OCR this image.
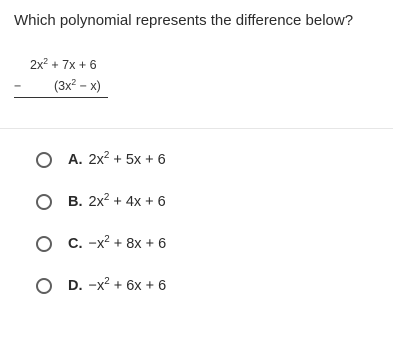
Which polynomial represents the difference below?
$2x^2 + 7x + 6$
−	$(3x^2 - x)$
A. $2x^2 + 5x + 6$
B. $2x^2 + 4x + 6$
C. $-x^2 + 8x + 6$
D. $-x^2 + 6x + 6$
